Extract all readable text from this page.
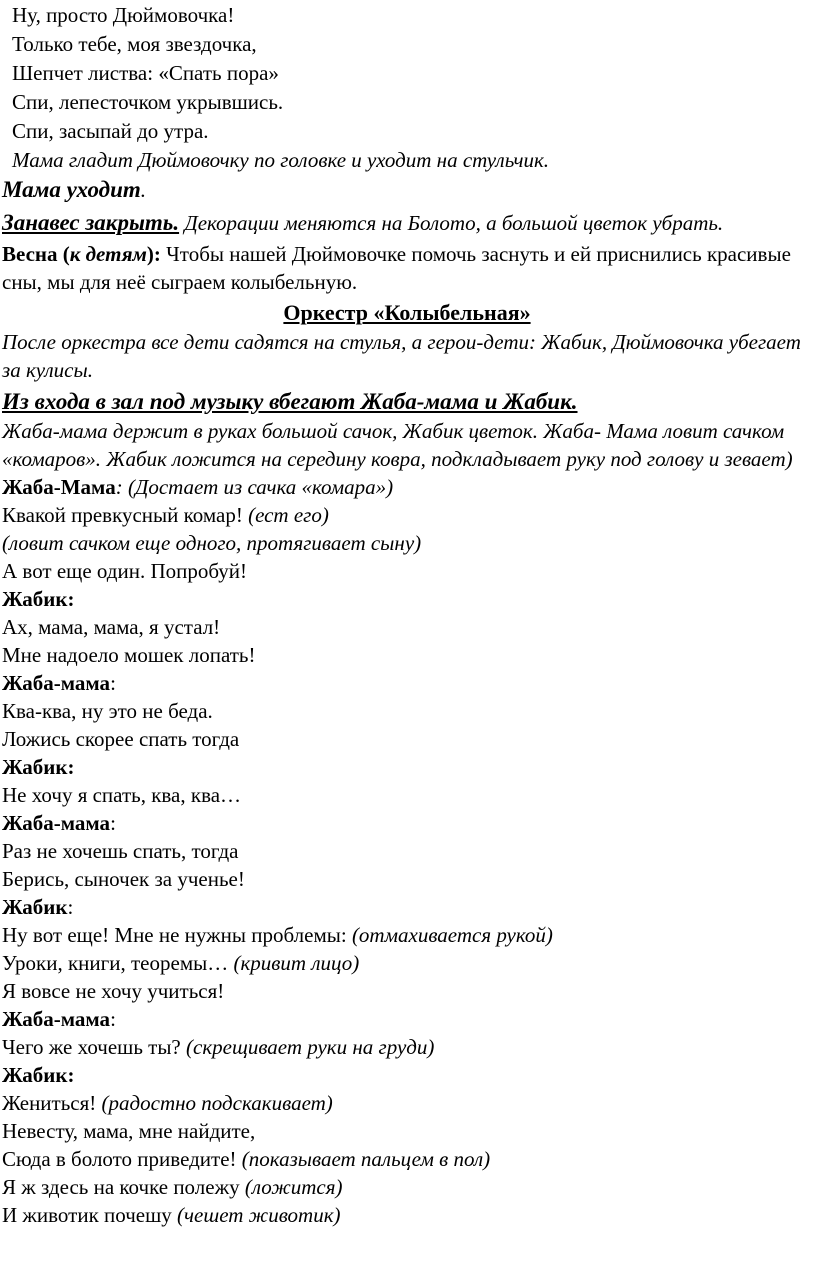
Ну, просто Дюймовочка!

Только тебе, моя звездочка,

Шепчет листва: «Спать пора»

Спи, лепесточком укрывшись.

Спи, засыпай до утра.

Мама гладит Дюймовочку по головке и уходит на стульчик.

Мама уходит.

Занавес закрыть. Декорации меняются на Болото, а большой цветок убрать.

Весна (к детям): Чтобы нашей Дюймовочке помочь заснуть и ей приснились красивые сны, мы для неё сыграем колыбельную.

Оркестр «Колыбельная»

После оркестра все дети садятся на стулья, а герои-дети: Жабик, Дюймовочка убегает за кулисы.

Из входа в зал под музыку вбегают Жаба-мама и Жабик.

Жаба-мама держит в руках большой сачок, Жабик цветок. Жаба- Мама ловит сачком «комаров». Жабик ложится на середину ковра, подкладывает руку под голову и зевает)

Жаба-Мама: (Достает из сачка «комара»)

Квакой превкусный комар! (ест его)

(ловит сачком еще одного, протягивает сыну)

А вот еще один. Попробуй!

Жабик:

Ах, мама, мама, я устал!

Мне надоело мошек лопать!

Жаба-мама:

Ква-ква, ну это не беда.

Ложись скорее спать тогда

Жабик:

Не хочу я спать, ква, ква…

Жаба-мама:

Раз не хочешь спать, тогда

Берись, сыночек за ученье!

Жабик:

Ну вот еще! Мне не нужны проблемы: (отмахивается рукой)

Уроки, книги, теоремы… (кривит лицо)

Я вовсе не хочу учиться!

Жаба-мама:

Чего же хочешь ты? (скрещивает руки на груди)

Жабик:

Жениться! (радостно подскакивает)

Невесту, мама, мне найдите,

Сюда в болото приведите! (показывает пальцем в пол)

Я ж здесь на кочке полежу (ложится)

И животик почешу (чешет животик)
